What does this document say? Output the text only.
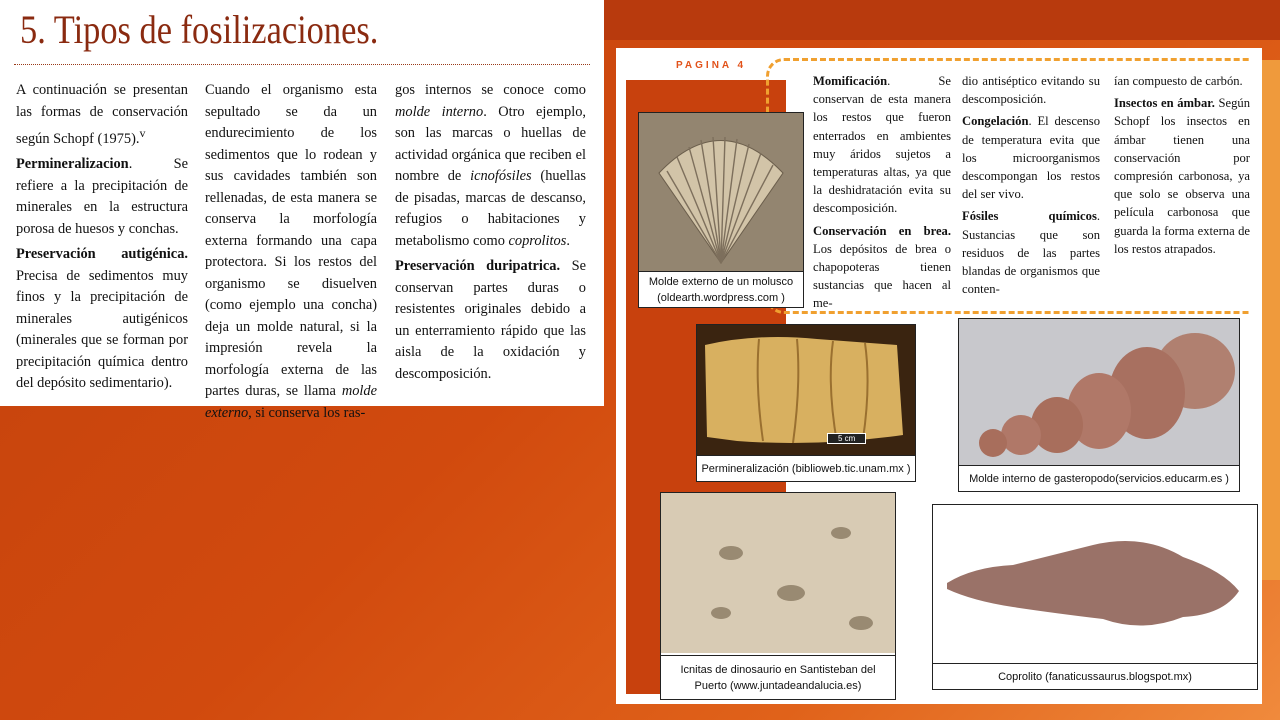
5. Tipos de fosilizaciones.

A continuación se presentan las formas de conservación según Schopf (1975).$^v$

Permineralizacion. Se refiere a la precipitación de minerales en la estructura porosa de huesos y conchas.

Preservación autigénica. Precisa de sedimentos muy finos y la precipitación de minerales autigénicos (minerales que se forman por precipitación química dentro del depósito sedimentario).

Cuando el organismo esta sepultado se da un endurecimiento de los sedimentos que lo rodean y sus cavidades también son rellenadas, de esta manera se conserva la morfología externa formando una capa protectora. Si los restos del organismo se disuelven (como ejemplo una concha) deja un molde natural, si la impresión revela la morfología externa de las partes duras, se llama molde externo, si conserva los ras-

gos internos se conoce como molde interno. Otro ejemplo, son las marcas o huellas de actividad orgánica que reciben el nombre de icnofósiles (huellas de pisadas, marcas de descanso, refugios o habitaciones y metabolismo como coprolitos.

Preservación duripatrica. Se conservan partes duras o resistentes originales debido a un enterramiento rápido que las aisla de la oxidación y descomposición.

PAGINA 4

Momificación. Se conservan de esta manera los restos que fueron enterrados en ambientes muy áridos sujetos a temperaturas altas, ya que la deshidratación evita su descomposición.

Conservación en brea. Los depósitos de brea o chapopoteras tienen sustancias que hacen al me-

dio antiséptico evitando su descomposición.

Congelación. El descenso de temperatura evita que los microorganismos descompongan los restos del ser vivo.

Fósiles químicos. Sustancias que son residuos de las partes blandas de organismos que conten-

ían compuesto de carbón.

Insectos en ámbar. Según Schopf los insectos en ámbar tienen una conservación por compresión carbonosa, ya que solo se observa una película carbonosa que guarda la forma externa de los restos atrapados.

Molde externo de un molusco (oldearth.wordpress.com )
5 cm
Permineralización (biblioweb.tic.unam.mx )
Molde interno de gasteropodo(servicios.educarm.es )
Icnitas de dinosaurio en Santisteban del Puerto (www.juntadeandalucia.es)
Coprolito (fanaticussaurus.blogspot.mx)
